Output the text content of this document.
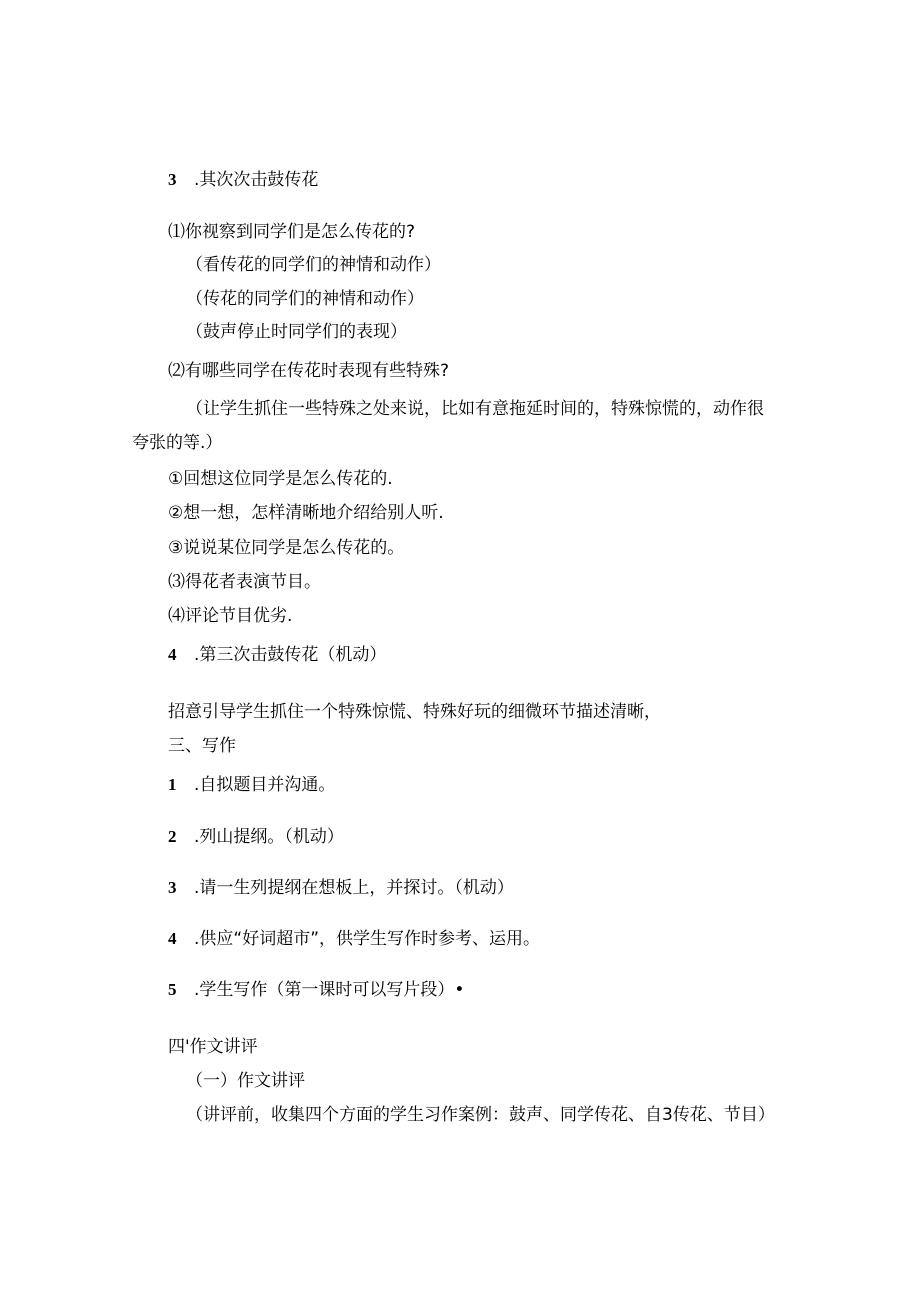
3 .其次次击鼓传花
⑴你视察到同学们是怎么传花的?
（看传花的同学们的神情和动作）
（传花的同学们的神情和动作）
（鼓声停止时同学们的表现）
⑵有哪些同学在传花时表现有些特殊?
（让学生抓住一些特殊之处来说，比如有意拖延时间的，特殊惊慌的，动作很
夸张的等.）
①回想这位同学是怎么传花的.
②想一想，怎样清晰地介绍给别人听.
③说说某位同学是怎么传花的。
⑶得花者表演节目。
⑷评论节目优劣.
4 .第三次击鼓传花（机动）
招意引导学生抓住一个特殊惊慌、特殊好玩的细微环节描述清晰，
三、写作
1 .自拟题目并沟通。
2 .列山提纲。（机动）
3 .请一生列提纲在想板上，并探讨。（机动）
4 .供应“好词超市”，供学生写作时参考、运用。
5 .学生写作（第一课时可以写片段）•
四'作文讲评
（一）作文讲评
（讲评前，收集四个方面的学生习作案例：鼓声、同学传花、自3传花、节目）
